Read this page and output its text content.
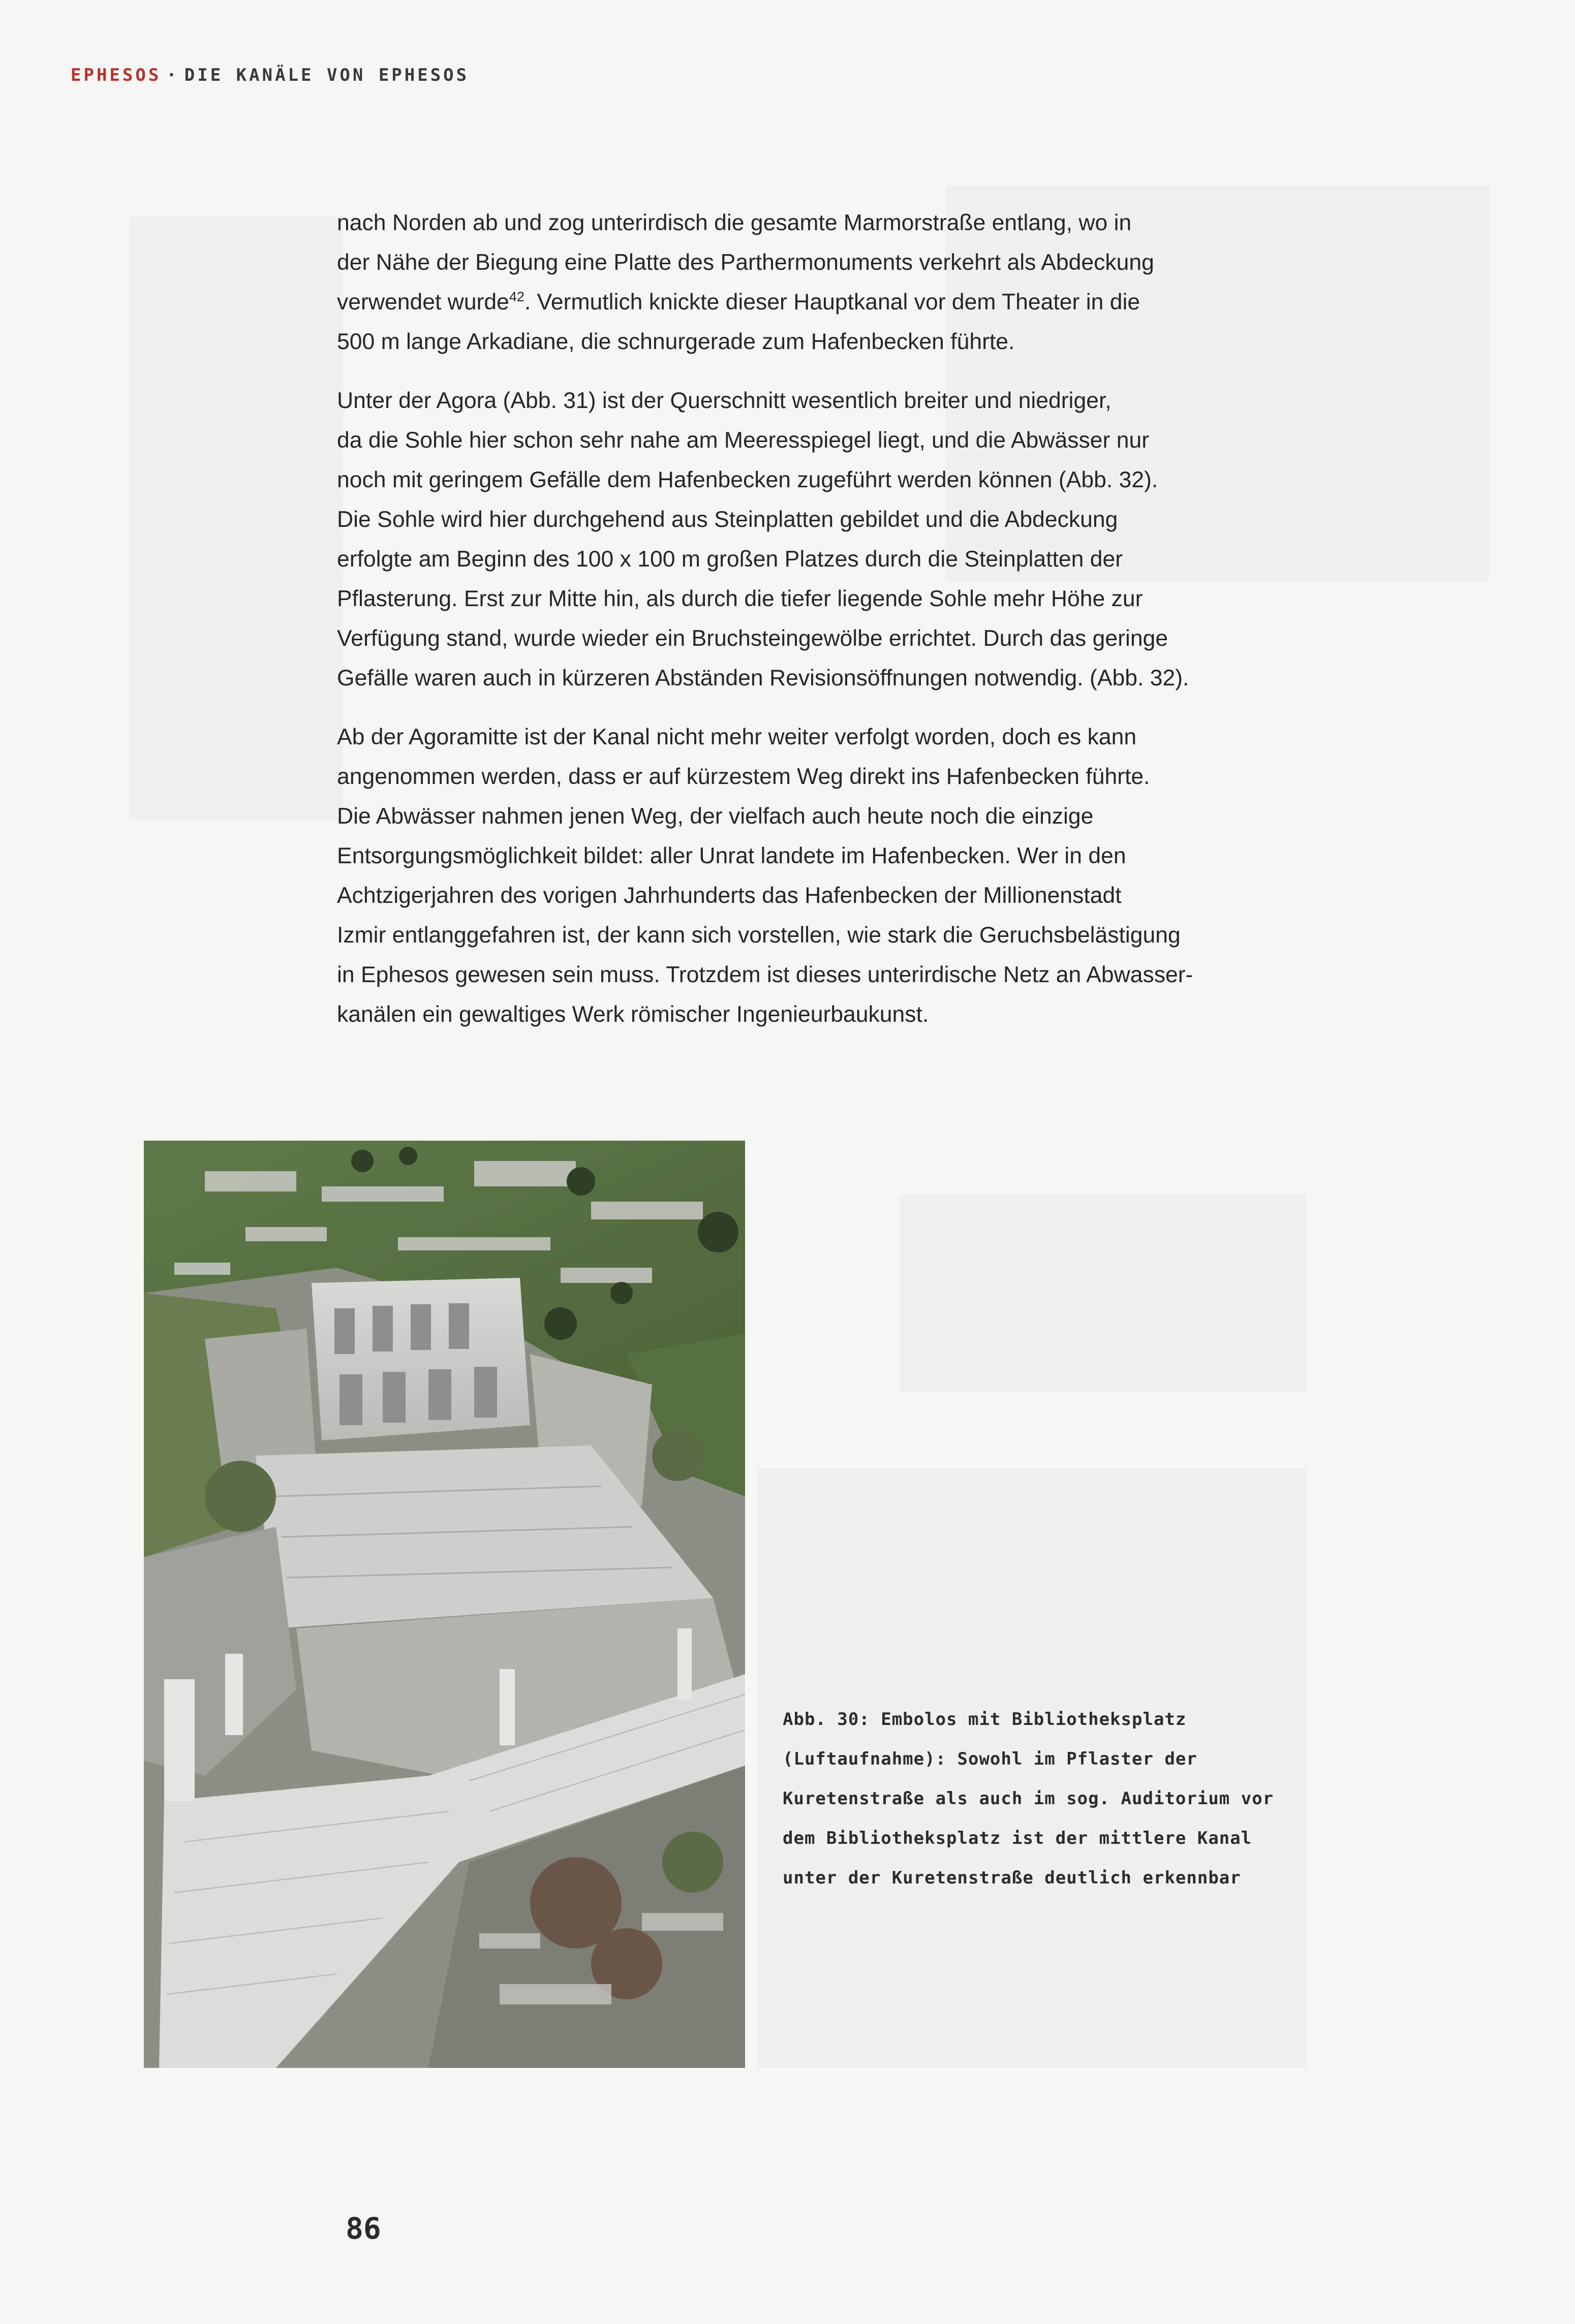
EPHESOS · DIE KANÄLE VON EPHESOS

nach Norden ab und zog unterirdisch die gesamte Marmorstraße entlang, wo in
der Nähe der Biegung eine Platte des Parthermonuments verkehrt als Abdeckung
verwendet wurde$^{42}$. Vermutlich knickte dieser Hauptkanal vor dem Theater in die
500 m lange Arkadiane, die schnurgerade zum Hafenbecken führte.

Unter der Agora (Abb. 31) ist der Querschnitt wesentlich breiter und niedriger,
da die Sohle hier schon sehr nahe am Meeresspiegel liegt, und die Abwässer nur
noch mit geringem Gefälle dem Hafenbecken zugeführt werden können (Abb. 32).
Die Sohle wird hier durchgehend aus Steinplatten gebildet und die Abdeckung
erfolgte am Beginn des 100 x 100 m großen Platzes durch die Steinplatten der
Pflasterung. Erst zur Mitte hin, als durch die tiefer liegende Sohle mehr Höhe zur
Verfügung stand, wurde wieder ein Bruchsteingewölbe errichtet. Durch das geringe
Gefälle waren auch in kürzeren Abständen Revisionsöffnungen notwendig. (Abb. 32).

Ab der Agoramitte ist der Kanal nicht mehr weiter verfolgt worden, doch es kann
angenommen werden, dass er auf kürzestem Weg direkt ins Hafenbecken führte.
Die Abwässer nahmen jenen Weg, der vielfach auch heute noch die einzige
Entsorgungsmöglichkeit bildet: aller Unrat landete im Hafenbecken. Wer in den
Achtzigerjahren des vorigen Jahrhunderts das Hafenbecken der Millionenstadt
Izmir entlanggefahren ist, der kann sich vorstellen, wie stark die Geruchsbelästigung
in Ephesos gewesen sein muss. Trotzdem ist dieses unterirdische Netz an Abwasser-
kanälen ein gewaltiges Werk römischer Ingenieurbaukunst.

Abb. 30: Embolos mit Bibliotheksplatz
(Luftaufnahme): Sowohl im Pflaster der
Kuretenstraße als auch im sog. Auditorium vor
dem Bibliotheksplatz ist der mittlere Kanal
unter der Kuretenstraße deutlich erkennbar
86
